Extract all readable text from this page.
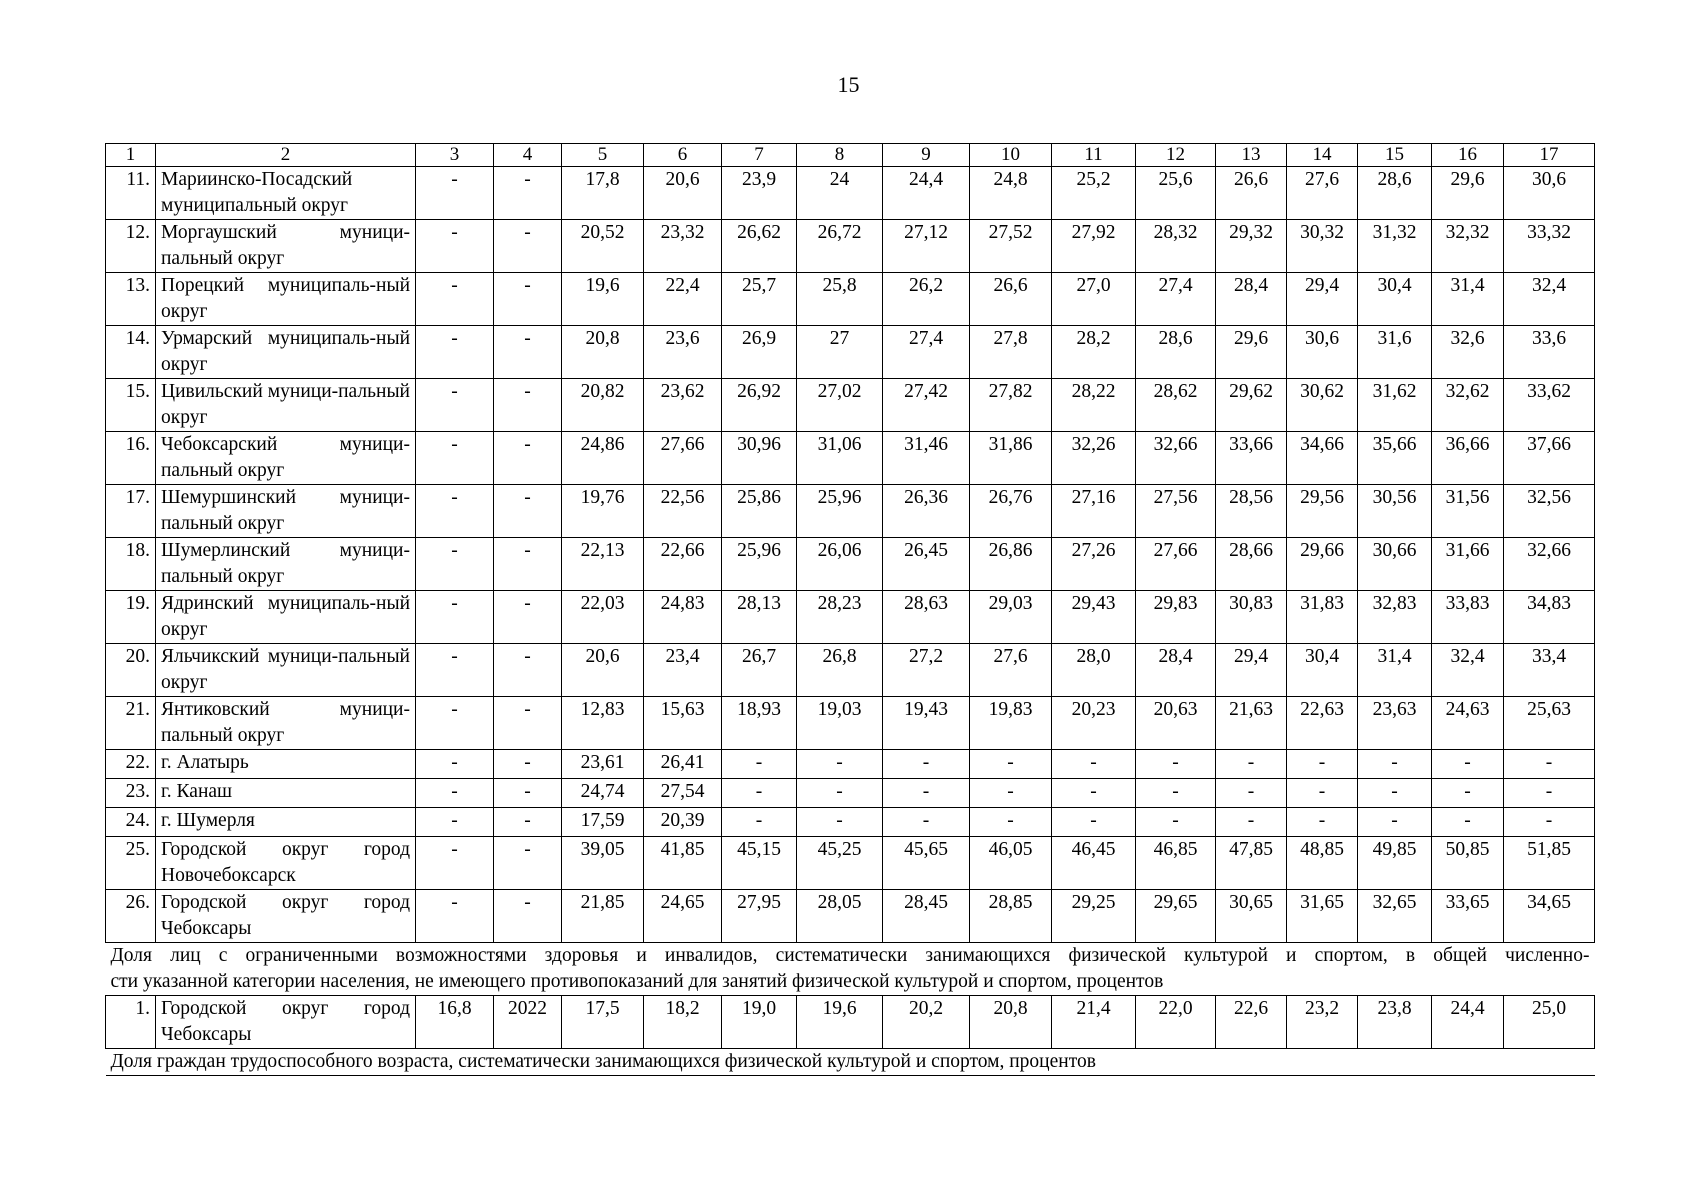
15
1	2	3	4	5	6	7	8	9	10	11	12	13	14	15	16	17
11.	Мариинско-Посадский муниципальный округ	-	-	17,8	20,6	23,9	24	24,4	24,8	25,2	25,6	26,6	27,6	28,6	29,6	30,6
12.	Моргаушский муници-пальный округ	-	-	20,52	23,32	26,62	26,72	27,12	27,52	27,92	28,32	29,32	30,32	31,32	32,32	33,32
13.	Порецкий муниципаль-ный округ	-	-	19,6	22,4	25,7	25,8	26,2	26,6	27,0	27,4	28,4	29,4	30,4	31,4	32,4
14.	Урмарский муниципаль-ный округ	-	-	20,8	23,6	26,9	27	27,4	27,8	28,2	28,6	29,6	30,6	31,6	32,6	33,6
15.	Цивильский муници-пальный округ	-	-	20,82	23,62	26,92	27,02	27,42	27,82	28,22	28,62	29,62	30,62	31,62	32,62	33,62
16.	Чебоксарский муници-пальный округ	-	-	24,86	27,66	30,96	31,06	31,46	31,86	32,26	32,66	33,66	34,66	35,66	36,66	37,66
17.	Шемуршинский муници-пальный округ	-	-	19,76	22,56	25,86	25,96	26,36	26,76	27,16	27,56	28,56	29,56	30,56	31,56	32,56
18.	Шумерлинский муници-пальный округ	-	-	22,13	22,66	25,96	26,06	26,45	26,86	27,26	27,66	28,66	29,66	30,66	31,66	32,66
19.	Ядринский муниципаль-ный округ	-	-	22,03	24,83	28,13	28,23	28,63	29,03	29,43	29,83	30,83	31,83	32,83	33,83	34,83
20.	Яльчикский муници-пальный округ	-	-	20,6	23,4	26,7	26,8	27,2	27,6	28,0	28,4	29,4	30,4	31,4	32,4	33,4
21.	Янтиковский муници-пальный округ	-	-	12,83	15,63	18,93	19,03	19,43	19,83	20,23	20,63	21,63	22,63	23,63	24,63	25,63
22.	г. Алатырь	-	-	23,61	26,41	-	-	-	-	-	-	-	-	-	-	-
23.	г. Канаш	-	-	24,74	27,54	-	-	-	-	-	-	-	-	-	-	-
24.	г. Шумерля	-	-	17,59	20,39	-	-	-	-	-	-	-	-	-	-	-
25.	Городской округ город Новочебоксарск	-	-	39,05	41,85	45,15	45,25	45,65	46,05	46,45	46,85	47,85	48,85	49,85	50,85	51,85
26.	Городской округ город Чебоксары	-	-	21,85	24,65	27,95	28,05	28,45	28,85	29,25	29,65	30,65	31,65	32,65	33,65	34,65

Доля лиц с ограниченными возможностями здоровья и инвалидов, систематически занимающихся физической культурой и спортом, в общей численно-
сти указанной категории населения, не имеющего противопоказаний для занятий физической культурой и спортом, процентов																

1.	Городской округ город Чебоксары	16,8	2022	17,5	18,2	19,0	19,6	20,2	20,8	21,4	22,0	22,6	23,2	23,8	24,4	25,0
Доля граждан трудоспособного возраста, систематически занимающихся физической культурой и спортом, процентов																
